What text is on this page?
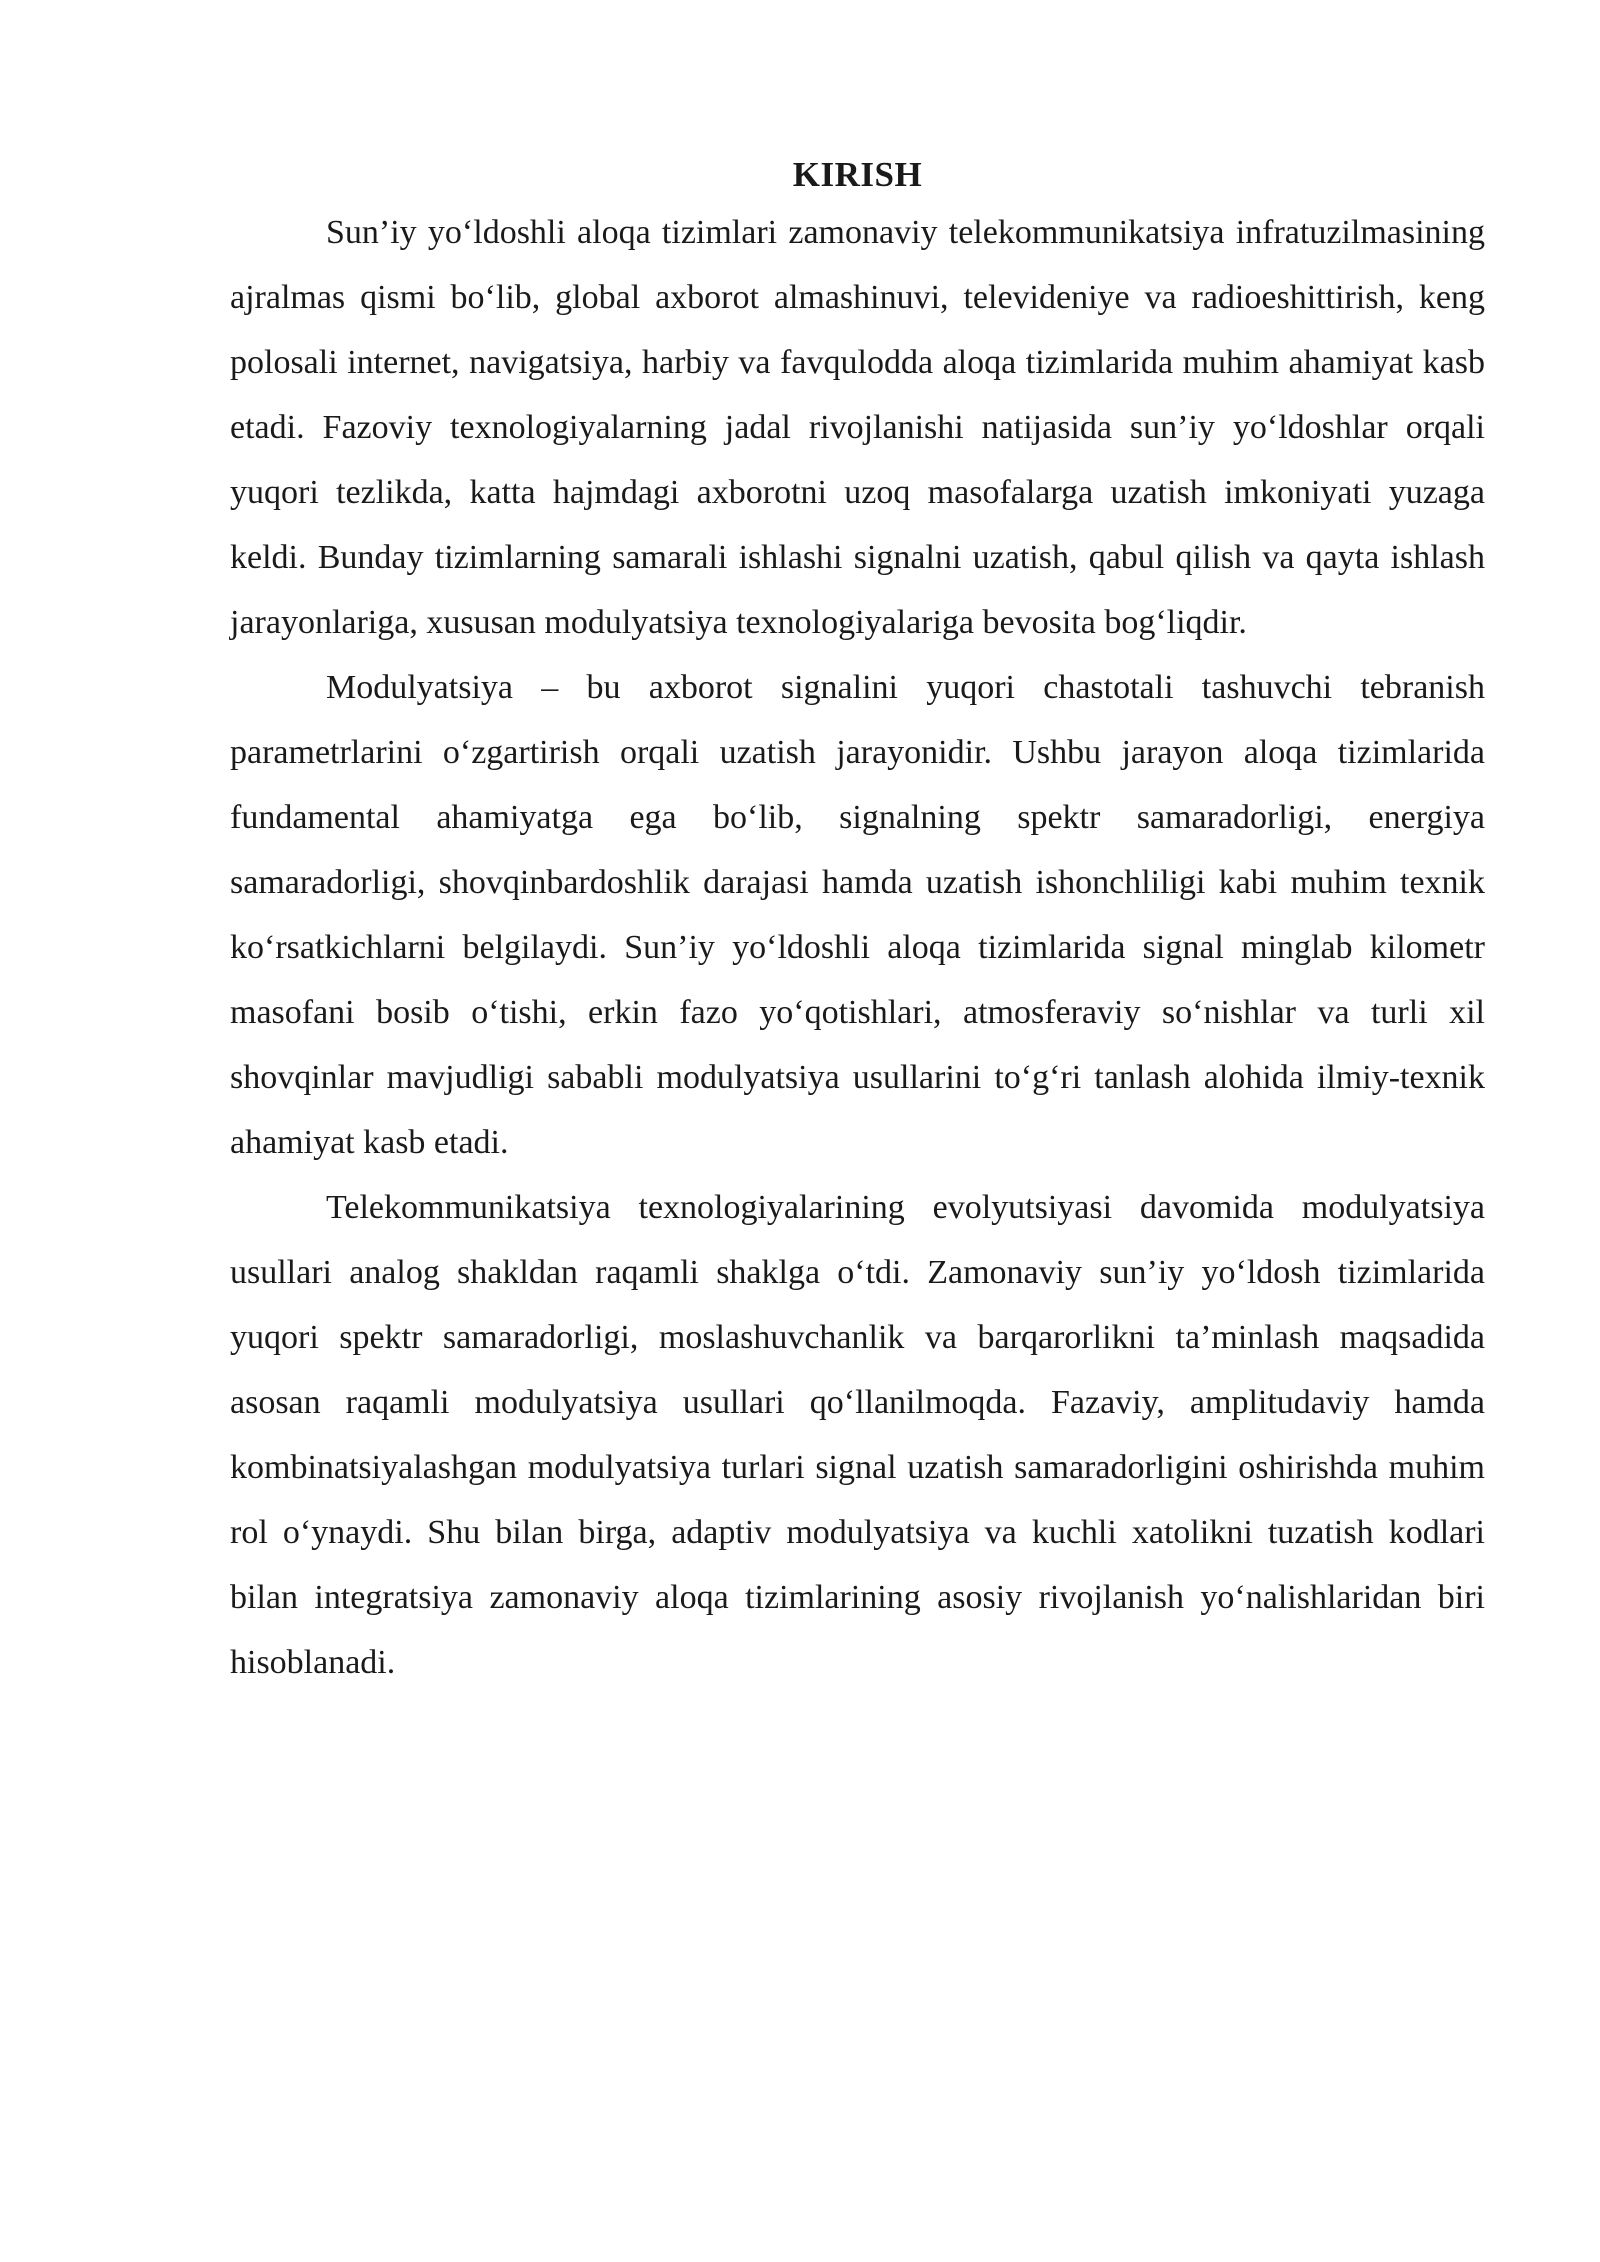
KIRISH

Sun’iy yo‘ldoshli aloqa tizimlari zamonaviy telekommunikatsiya infratuzilmasining ajralmas qismi bo‘lib, global axborot almashinuvi, televideniye va radioeshittirish, keng polosali internet, navigatsiya, harbiy va favqulodda aloqa tizimlarida muhim ahamiyat kasb etadi. Fazoviy texnologiyalarning jadal rivojlanishi natijasida sun’iy yo‘ldoshlar orqali yuqori tezlikda, katta hajmdagi axborotni uzoq masofalarga uzatish imkoniyati yuzaga keldi. Bunday tizimlarning samarali ishlashi signalni uzatish, qabul qilish va qayta ishlash jarayonlariga, xususan modulyatsiya texnologiyalariga bevosita bog‘liqdir.

Modulyatsiya – bu axborot signalini yuqori chastotali tashuvchi tebranish parametrlarini o‘zgartirish orqali uzatish jarayonidir. Ushbu jarayon aloqa tizimlarida fundamental ahamiyatga ega bo‘lib, signalning spektr samaradorligi, energiya samaradorligi, shovqinbardoshlik darajasi hamda uzatish ishonchliligi kabi muhim texnik ko‘rsatkichlarni belgilaydi. Sun’iy yo‘ldoshli aloqa tizimlarida signal minglab kilometr masofani bosib o‘tishi, erkin fazo yo‘qotishlari, atmosferaviy so‘nishlar va turli xil shovqinlar mavjudligi sababli modulyatsiya usullarini to‘g‘ri tanlash alohida ilmiy-texnik ahamiyat kasb etadi.

Telekommunikatsiya texnologiyalarining evolyutsiyasi davomida modulyatsiya usullari analog shakldan raqamli shaklga o‘tdi. Zamonaviy sun’iy yo‘ldosh tizimlarida yuqori spektr samaradorligi, moslashuvchanlik va barqarorlikni ta’minlash maqsadida asosan raqamli modulyatsiya usullari qo‘llanilmoqda. Fazaviy, amplitudaviy hamda kombinatsiyalashgan modulyatsiya turlari signal uzatish samaradorligini oshirishda muhim rol o‘ynaydi. Shu bilan birga, adaptiv modulyatsiya va kuchli xatolikni tuzatish kodlari bilan integratsiya zamonaviy aloqa tizimlarining asosiy rivojlanish yo‘nalishlaridan biri hisoblanadi.
